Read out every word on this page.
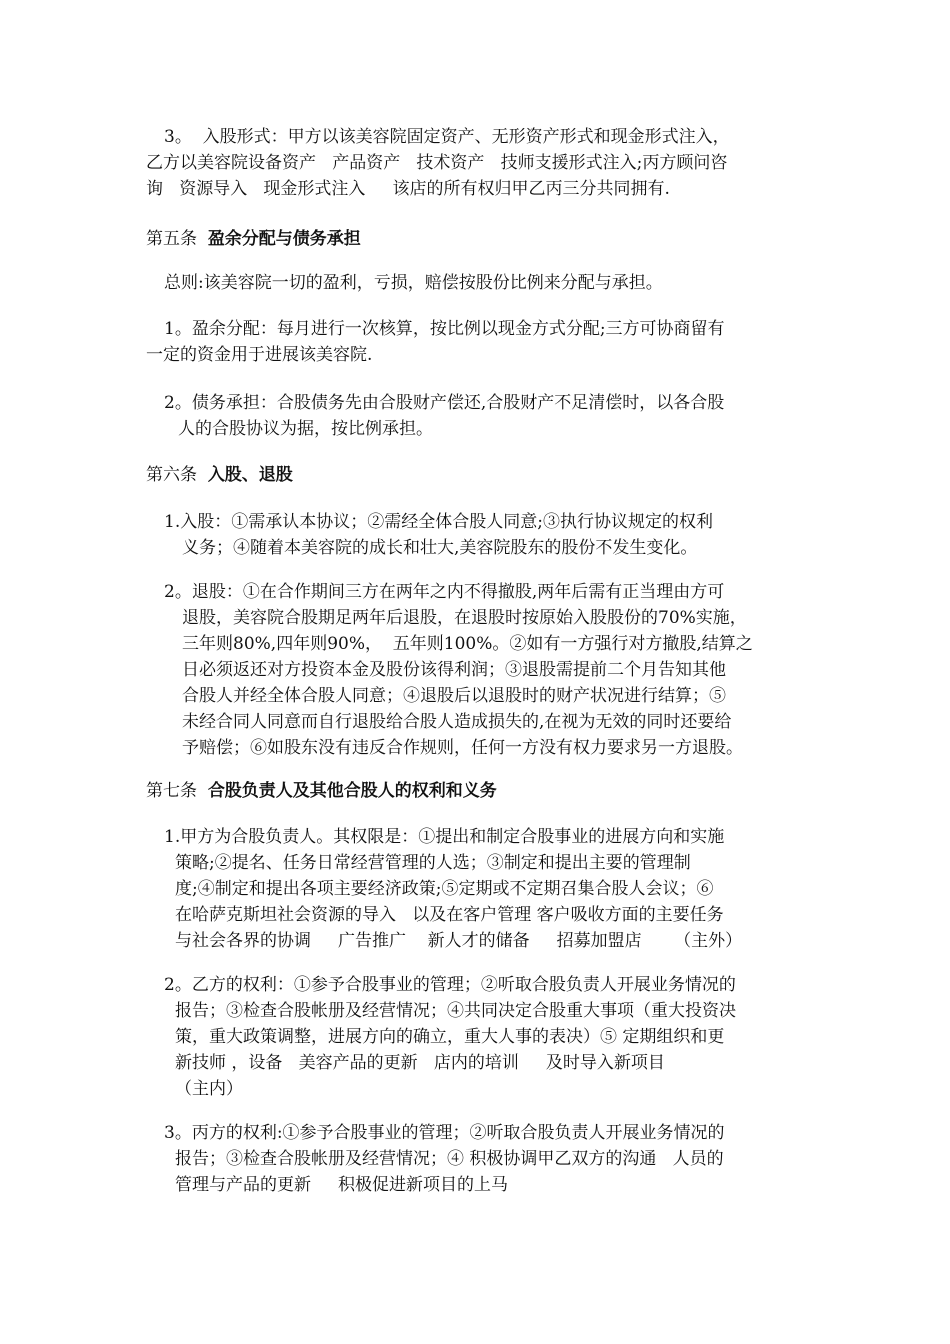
3。  入股形式：甲方以该美容院固定资产、无形资产形式和现金形式注入，
乙方以美容院设备资产   产品资产   技术资产   技师支援形式注入;丙方顾问咨
询   资源导入   现金形式注入     该店的所有权归甲乙丙三分共同拥有.
第五条 盈余分配与债务承担
总则:该美容院一切的盈利，亏损，赔偿按股份比例来分配与承担。
1。盈余分配：每月进行一次核算，按比例以现金方式分配;三方可协商留有
一定的资金用于进展该美容院.
2。债务承担：合股债务先由合股财产偿还,合股财产不足清偿时，以各合股
人的合股协议为据，按比例承担。
第六条 入股、退股
1.入股：①需承认本协议；②需经全体合股人同意;③执行协议规定的权利
义务；④随着本美容院的成长和壮大,美容院股东的股份不发生变化。
2。退股：①在合作期间三方在两年之内不得撤股,两年后需有正当理由方可
退股，美容院合股期足两年后退股，在退股时按原始入股股份的70%实施，
三年则80%,四年则90%，  五年则100%。②如有一方强行对方撤股,结算之
日必须返还对方投资本金及股份该得利润；③退股需提前二个月告知其他
合股人并经全体合股人同意；④退股后以退股时的财产状况进行结算；⑤
未经合同人同意而自行退股给合股人造成损失的,在视为无效的同时还要给
予赔偿；⑥如股东没有违反合作规则，任何一方没有权力要求另一方退股。
第七条 合股负责人及其他合股人的权利和义务
1.甲方为合股负责人。其权限是：①提出和制定合股事业的进展方向和实施
策略;②提名、任务日常经营管理的人选；③制定和提出主要的管理制
度;④制定和提出各项主要经济政策;⑤定期或不定期召集合股人会议；⑥
在哈萨克斯坦社会资源的导入   以及在客户管理 客户吸收方面的主要任务
与社会各界的协调     广告推广    新人才的储备     招募加盟店      （主外）
2。乙方的权利：①参予合股事业的管理；②听取合股负责人开展业务情况的
报告；③检查合股帐册及经营情况；④共同决定合股重大事项（重大投资决
策，重大政策调整，进展方向的确立，重大人事的表决）⑤ 定期组织和更
新技师 ，设备   美容产品的更新   店内的培训     及时导入新项目
（主内）
3。丙方的权利:①参予合股事业的管理；②听取合股负责人开展业务情况的
报告；③检查合股帐册及经营情况；④ 积极协调甲乙双方的沟通   人员的
管理与产品的更新     积极促进新项目的上马
